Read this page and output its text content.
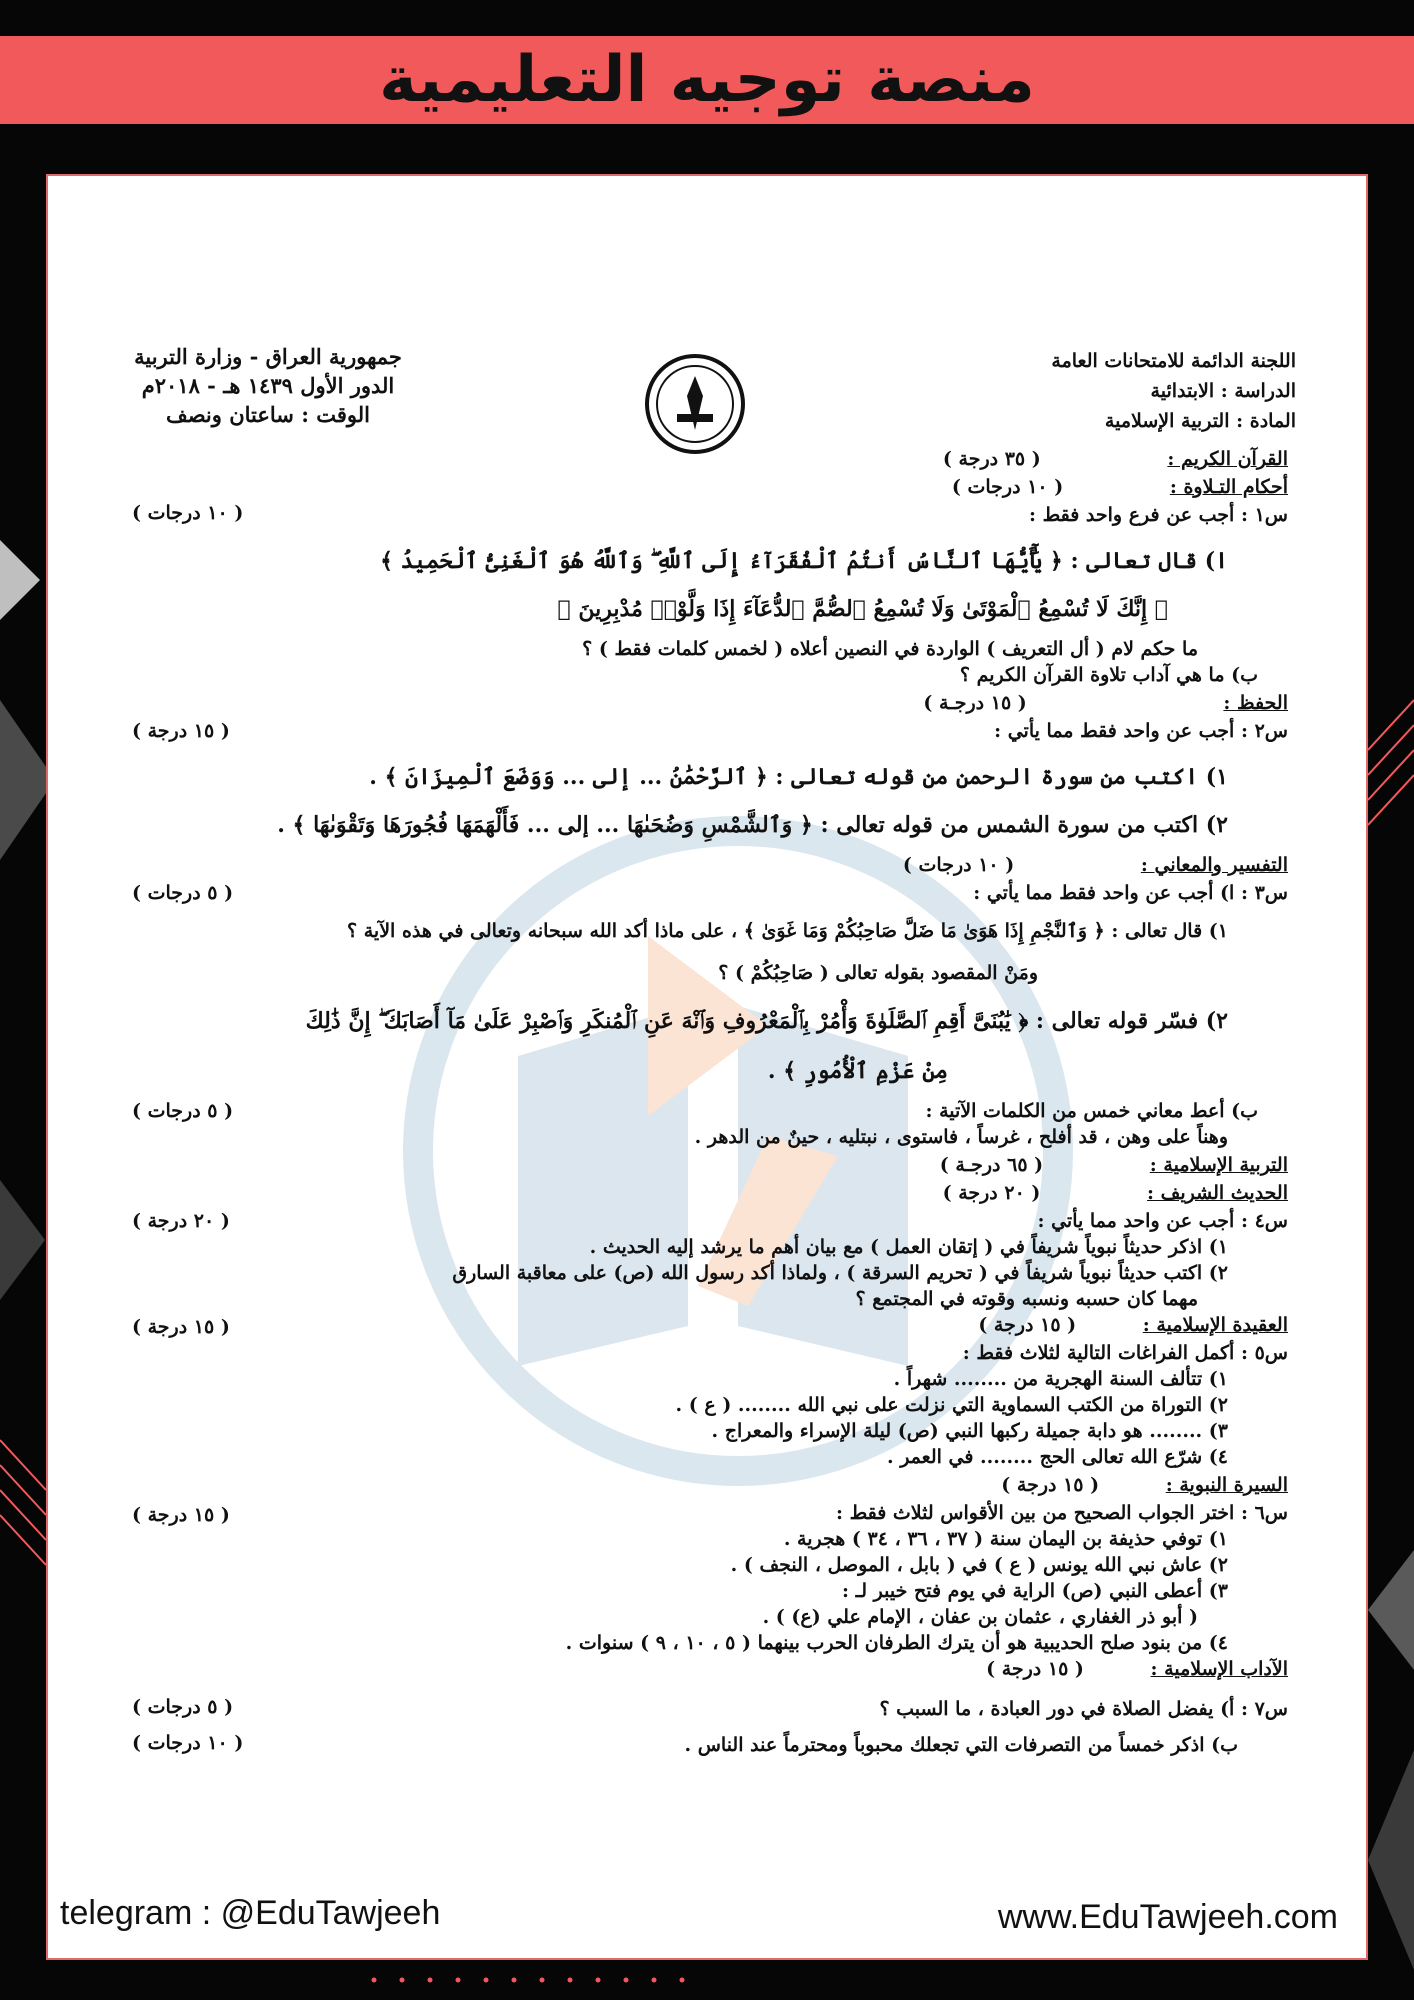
منصة توجيه التعليمية
اللجنة الدائمة للامتحانات العامة
الدراسة : الابتدائية
المادة : التربية الإسلامية
جمهورية العراق - وزارة التربية
الدور الأول ١٤٣٩ هـ - ٢٠١٨م
الوقت : ساعتان ونصف
القرآن الكريم : ( ٣٥ درجة )
أحكام التـلاوة : ( ١٠ درجات )
س١ : أجب عن فرع واحد فقط :
( ١٠ درجات )
ا) قال تعالى : ﴿ يَٰٓأَيُّهَا ٱلنَّاسُ أَنتُمُ ٱلْفُقَرَآءُ إِلَى ٱللَّهِ ۖ وَٱللَّهُ هُوَ ٱلْغَنِىُّ ٱلْحَمِيدُ ﴾
﴿ إِنَّكَ لَا تُسْمِعُ ٱلْمَوْتَىٰ وَلَا تُسْمِعُ ٱلصُّمَّ ٱلدُّعَآءَ إِذَا وَلَّوْا۟ مُدْبِرِينَ ﴾
ما حكم لام ( أل التعريف ) الواردة في النصين أعلاه ( لخمس كلمات فقط ) ؟
ب) ما هي آداب تلاوة القرآن الكريم ؟
الحفظ : ( ١٥ درجـة )
س٢ : أجب عن واحد فقط مما يأتي :
( ١٥ درجة )
١) اكتب من سورة الرحمن من قوله تعالى : ﴿ ٱلرَّحْمَٰنُ ... إلى ... وَوَضَعَ ٱلْمِيزَانَ ﴾ .
٢) اكتب من سورة الشمس من قوله تعالى : ﴿ وَٱلشَّمْسِ وَضُحَىٰهَا ... إلى ... فَأَلْهَمَهَا فُجُورَهَا وَتَقْوَىٰهَا ﴾ .
التفسير والمعاني : ( ١٠ درجات )
س٣ : ا) أجب عن واحد فقط مما يأتي :
( ٥ درجات )
١) قال تعالى : ﴿ وَٱلنَّجْمِ إِذَا هَوَىٰ مَا ضَلَّ صَاحِبُكُمْ وَمَا غَوَىٰ ﴾ ، على ماذا أكد الله سبحانه وتعالى في هذه الآية ؟
ومَنْ المقصود بقوله تعالى ( صَاحِبُكُمْ ) ؟
٢) فسّر قوله تعالى : ﴿ يَٰبُنَىَّ أَقِمِ ٱلصَّلَوٰةَ وَأْمُرْ بِٱلْمَعْرُوفِ وَٱنْهَ عَنِ ٱلْمُنكَرِ وَٱصْبِرْ عَلَىٰ مَآ أَصَابَكَ ۖ إِنَّ ذَٰلِكَ
مِنْ عَزْمِ ٱلْأُمُورِ ﴾ .
ب) أعط معاني خمس من الكلمات الآتية :
( ٥ درجات )
وهناً على وهن ، قد أفلح ، غرساً ، فاستوى ، نبتليه ، حينٌ من الدهر .
التربية الإسلامية : ( ٦٥ درجـة )
الحديث الشريف : ( ٢٠ درجة )
س٤ : أجب عن واحد مما يأتي :
( ٢٠ درجة )
١) اذكر حديثاً نبوياً شريفاً في ( إتقان العمل ) مع بيان أهم ما يرشد إليه الحديث .
٢) اكتب حديثاً نبوياً شريفاً في ( تحريم السرقة ) ، ولماذا أكد رسول الله (ص) على معاقبة السارق
مهما كان حسبه ونسبه وقوته في المجتمع ؟
العقيدة الإسلامية : ( ١٥ درجة )
س٥ : أكمل الفراغات التالية لثلاث فقط :
( ١٥ درجة )
١) تتألف السنة الهجرية من ........ شهراً .
٢) التوراة من الكتب السماوية التي نزلت على نبي الله ........ ( ع ) .
٣) ........ هو دابة جميلة ركبها النبي (ص) ليلة الإسراء والمعراج .
٤) شرّع الله تعالى الحج ........ في العمر .
السيرة النبوية : ( ١٥ درجة )
س٦ : اختر الجواب الصحيح من بين الأقواس لثلاث فقط :
( ١٥ درجة )
١) توفي حذيفة بن اليمان سنة ( ٣٧ ، ٣٦ ، ٣٤ ) هجرية .
٢) عاش نبي الله يونس ( ع ) في ( بابل ، الموصل ، النجف ) .
٣) أعطى النبي (ص) الراية في يوم فتح خيبر لـ :
( أبو ذر الغفاري ، عثمان بن عفان ، الإمام علي (ع) ) .
٤) من بنود صلح الحديبية هو أن يترك الطرفان الحرب بينهما ( ٥ ، ١٠ ، ٩ ) سنوات .
الآداب الإسلامية : ( ١٥ درجة )
س٧ : أ) يفضل الصلاة في دور العبادة ، ما السبب ؟
( ٥ درجات )
ب) اذكر خمساً من التصرفات التي تجعلك محبوباً ومحترماً عند الناس .
( ١٠ درجات )
telegram : @EduTawjeeh	www.EduTawjeeh.com
